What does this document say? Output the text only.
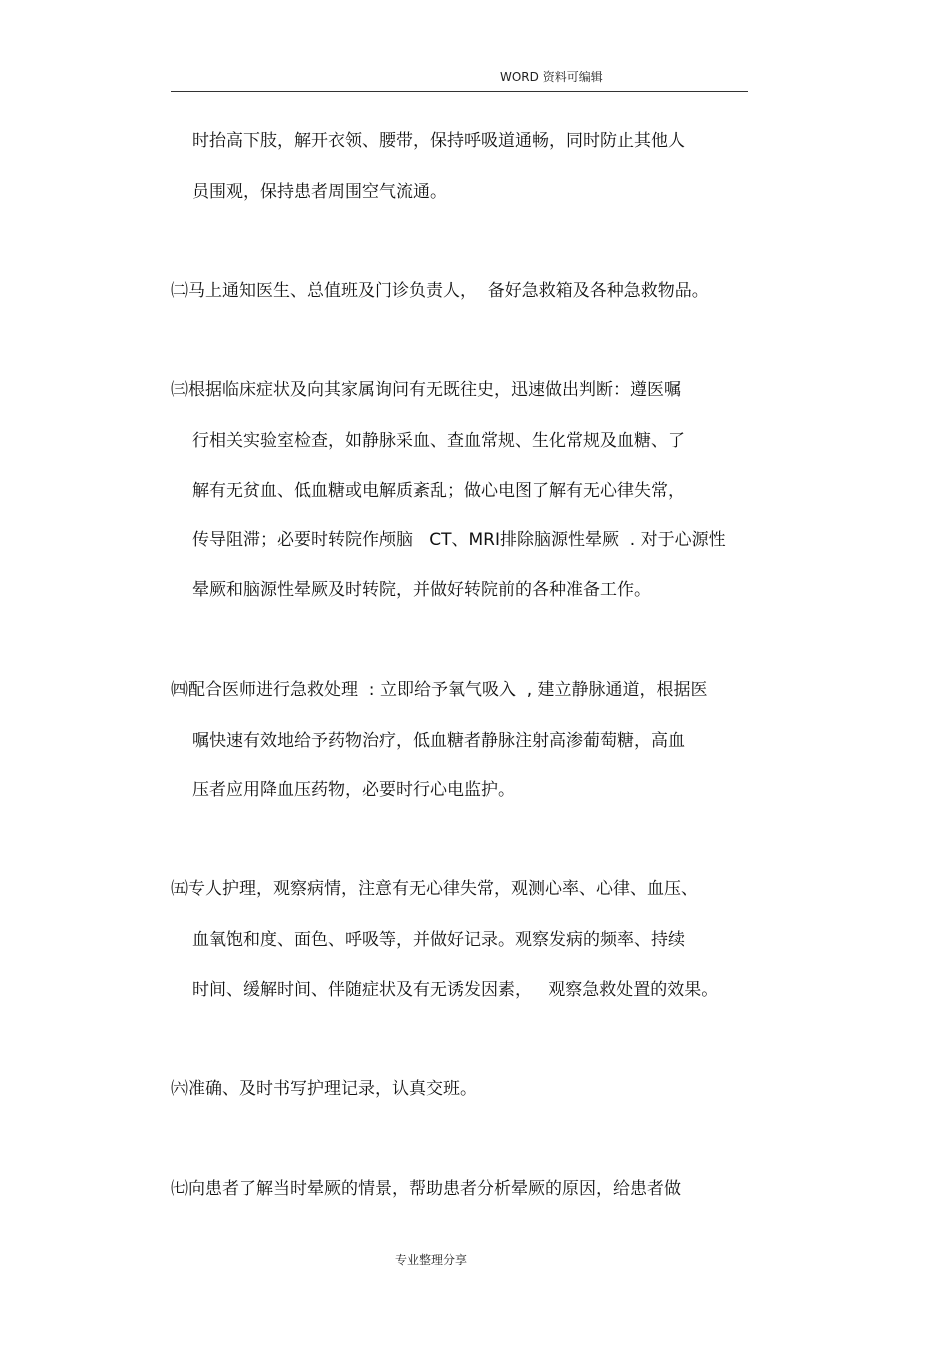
WORD 资料可编辑
时抬高下肢，解开衣领、腰带，保持呼吸道通畅，同时防止其他人
员围观，保持患者周围空气流通。
㈡马上通知医生、总值班及门诊负责人，  备好急救箱及各种急救物品。
㈢根据临床症状及向其家属询问有无既往史，迅速做出判断：遵医嘱
行相关实验室检查，如静脉采血、查血常规、生化常规及血糖、了
解有无贫血、低血糖或电解质紊乱；做心电图了解有无心律失常，
传导阻滞；必要时转院作颅脑   CT、MRI排除脑源性晕厥  . 对于心源性
晕厥和脑源性晕厥及时转院，并做好转院前的各种准备工作。
㈣配合医师进行急救处理  : 立即给予氧气吸入  , 建立静脉通道，根据医
嘱快速有效地给予药物治疗，低血糖者静脉注射高渗葡萄糖，高血
压者应用降血压药物，必要时行心电监护。
㈤专人护理，观察病情，注意有无心律失常，观测心率、心律、血压、
血氧饱和度、面色、呼吸等，并做好记录。观察发病的频率、持续
时间、缓解时间、伴随症状及有无诱发因素，   观察急救处置的效果。
㈥准确、及时书写护理记录，认真交班。
㈦向患者了解当时晕厥的情景，帮助患者分析晕厥的原因，给患者做
专业整理分享
